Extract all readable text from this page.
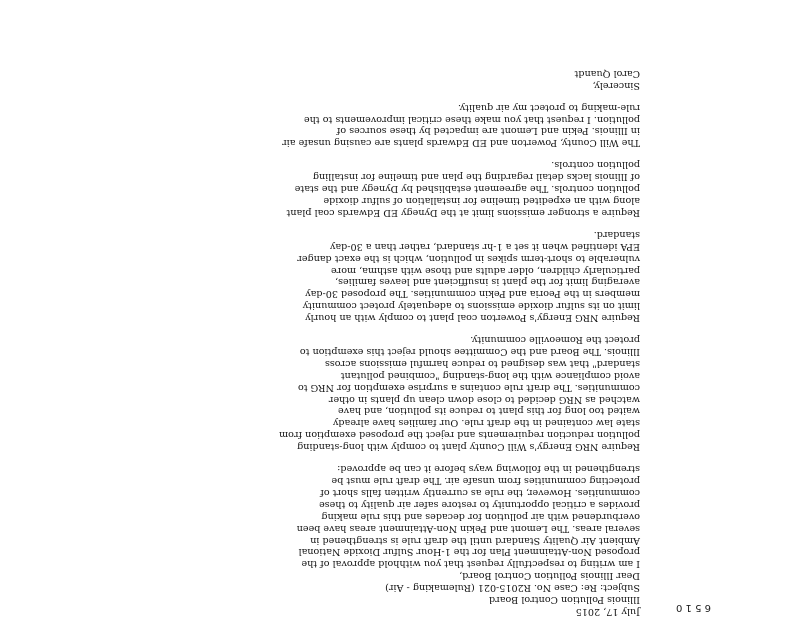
July 17, 2015
Illinois Pollution Control Board
Subject: Re: Case No. R2015-021 (Rulemaking - Air)
Dear Illinois Pollution Control Board,
I am writing to respectfully request that you withhold approval of the
proposed Non-Attainment Plan for the 1-Hour Sulfur Dioxide National
Ambient Air Quality Standard until the draft rule is strengthened in
several areas. The Lemont and Pekin Non-Attainment areas have been
overburdened with air pollution for decades and this rule making
provides a critical opportunity to restore safer air quality to these
communities. However, the rule as currently written falls short of
protecting communities from unsafe air. The draft rule must be
strengthened in the following ways before it can be approved:
Require NRG Energy's Will County plant to comply with long-standing
pollution reduction requirements and reject the proposed exemption from
state law contained in the draft rule. Our families have already
waited too long for this plant to reduce its pollution, and have
watched as NRG decided to close down clean up plants in other
communities. The draft rule contains a surprise exemption for NRG to
avoid compliance with the long-standing "combined pollutant
standard" that was designed to reduce harmful emissions across
Illinois. The Board and the Committee should reject this exemption to
protect the Romeoville community.
Require NRG Energy's Powerton coal plant to comply with an hourly
limit on its sulfur dioxide emissions to adequately protect community
members in the Peoria and Pekin communities. The proposed 30-day
averaging limit for the plant is insufficient and leaves families,
particularly children, older adults and those with asthma, more
vulnerable to short-term spikes in pollution, which is the exact danger
EPA identified when it set a 1-hr standard, rather than a 30-day
standard.
Require a stronger emissions limit at the Dynegy ED Edwards coal plant
along with an expedited timeline for installation of sulfur dioxide
pollution controls. The agreement established by Dynegy and the state
of Illinois lacks detail regarding the plan and timeline for installing
pollution controls.
The Will County, Powerton and ED Edwards plants are causing unsafe air
in Illinois. Pekin and Lemont are impacted by these sources of
pollution. I request that you make these critical improvements to the
rule-making to protect my air quality.
Sincerely,
Carol Quandt
6 5 1 0
